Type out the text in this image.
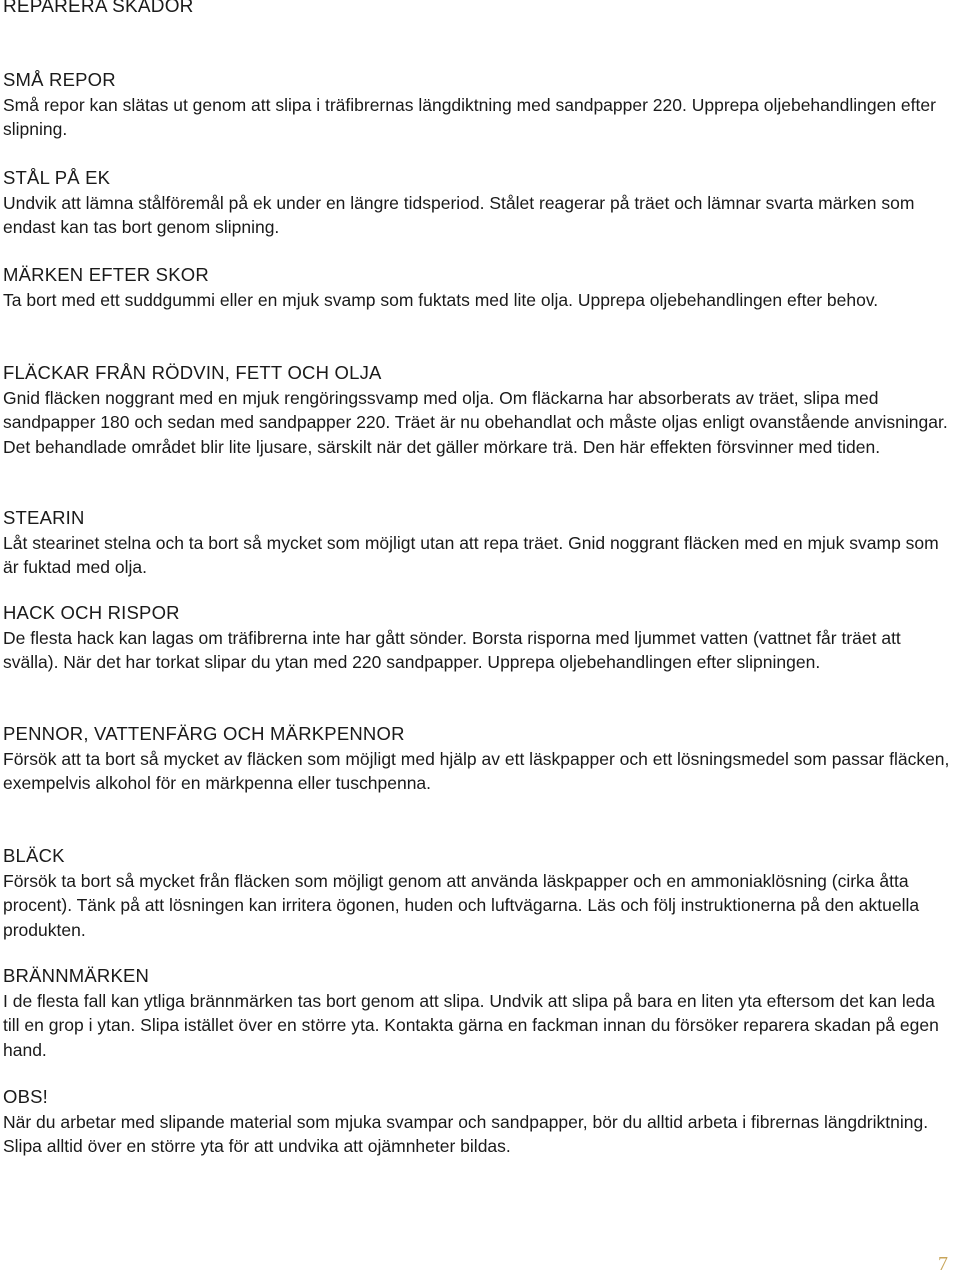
REPARERA SKADOR
SMÅ REPOR

Små repor kan slätas ut genom att slipa i träfibrernas längdiktning med sandpapper 220. Upprepa oljebehandlingen efter slipning.

STÅL PÅ EK

Undvik att lämna stålföremål på ek under en längre tidsperiod. Stålet reagerar på träet och lämnar svarta märken som endast kan tas bort genom slipning.

MÄRKEN EFTER SKOR

Ta bort med ett suddgummi eller en mjuk svamp som fuktats med lite olja. Upprepa oljebehandlingen efter behov.

FLÄCKAR FRÅN RÖDVIN, FETT OCH OLJA

Gnid fläcken noggrant med en mjuk rengöringssvamp med olja. Om fläckarna har absorberats av träet, slipa med sandpapper 180 och sedan med sandpapper 220. Träet är nu obehandlat och måste oljas enligt ovanstående anvisningar. Det behandlade området blir lite ljusare, särskilt när det gäller mörkare trä. Den här effekten försvinner med tiden.

STEARIN

Låt stearinet stelna och ta bort så mycket som möjligt utan att repa träet. Gnid noggrant fläcken med en mjuk svamp som är fuktad med olja.

HACK OCH RISPOR

De flesta hack kan lagas om träfibrerna inte har gått sönder. Borsta risporna med ljummet vatten (vattnet får träet att svälla). När det har torkat slipar du ytan med 220 sandpapper. Upprepa oljebehandlingen efter slipningen.

PENNOR, VATTENFÄRG OCH MÄRKPENNOR

Försök att ta bort så mycket av fläcken som möjligt med hjälp av ett läskpapper och ett lösningsmedel som passar fläcken, exempelvis alkohol för en märkpenna eller tuschpenna.

BLÄCK

Försök ta bort så mycket från fläcken som möjligt genom att använda läskpapper och en ammoniaklösning (cirka åtta procent). Tänk på att lösningen kan irritera ögonen, huden och luftvägarna. Läs och följ instruktionerna på den aktuella produkten.

BRÄNNMÄRKEN

I de flesta fall kan ytliga brännmärken tas bort genom att slipa. Undvik att slipa på bara en liten yta eftersom det kan leda till en grop i ytan. Slipa istället över en större yta. Kontakta gärna en fackman innan du försöker reparera skadan på egen hand.

OBS!

När du arbetar med slipande material som mjuka svampar och sandpapper, bör du alltid arbeta i fibrernas längdriktning. Slipa alltid över en större yta för att undvika att ojämnheter bildas.

7
